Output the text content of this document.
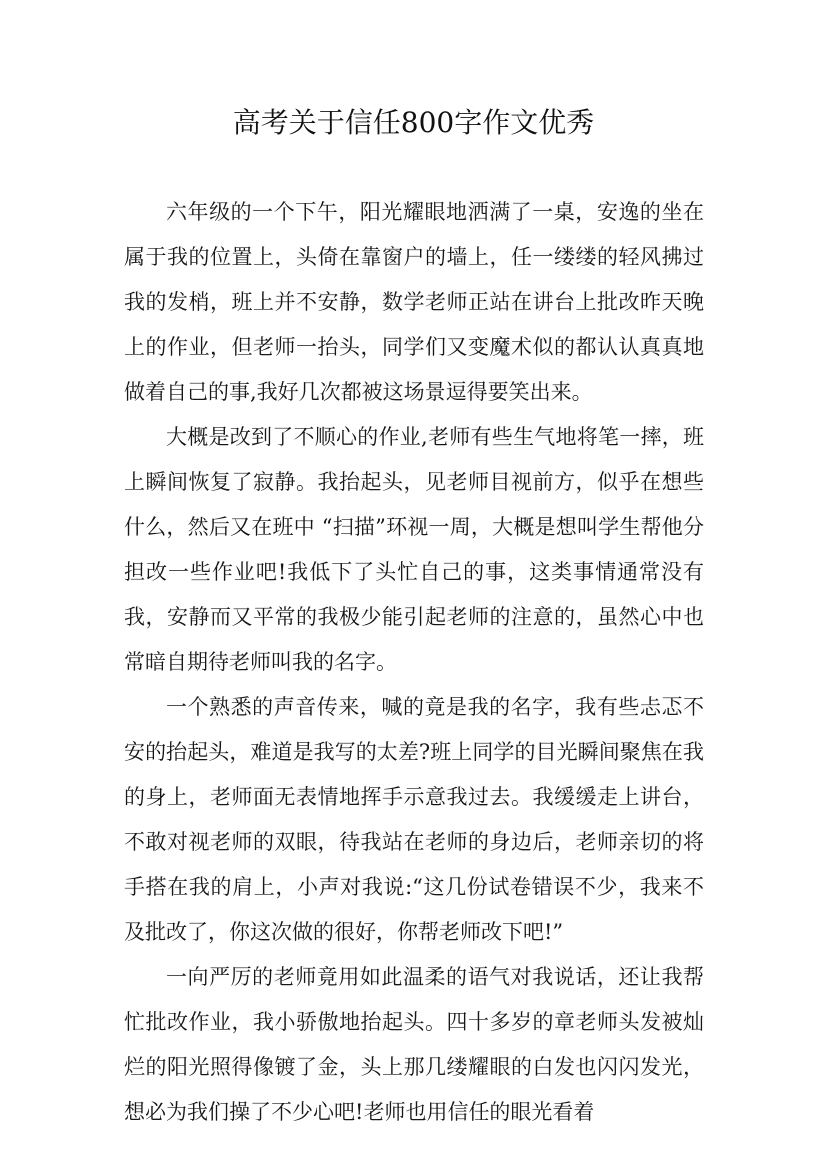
高考关于信任800字作文优秀

六年级的一个下午，阳光耀眼地洒满了一桌，安逸的坐在属于我的位置上，头倚在靠窗户的墙上，任一缕缕的轻风拂过我的发梢，班上并不安静，数学老师正站在讲台上批改昨天晚上的作业，但老师一抬头，同学们又变魔术似的都认认真真地做着自己的事,我好几次都被这场景逗得要笑出来。

大概是改到了不顺心的作业,老师有些生气地将笔一摔，班上瞬间恢复了寂静。我抬起头，见老师目视前方，似乎在想些什么，然后又在班中 “扫描”环视一周，大概是想叫学生帮他分担改一些作业吧!我低下了头忙自己的事，这类事情通常没有我，安静而又平常的我极少能引起老师的注意的，虽然心中也常暗自期待老师叫我的名字。

一个熟悉的声音传来，喊的竟是我的名字，我有些忐忑不安的抬起头，难道是我写的太差?班上同学的目光瞬间聚焦在我的身上，老师面无表情地挥手示意我过去。我缓缓走上讲台，不敢对视老师的双眼，待我站在老师的身边后，老师亲切的将手搭在我的肩上，小声对我说:“这几份试卷错误不少，我来不及批改了，你这次做的很好，你帮老师改下吧!”

一向严厉的老师竟用如此温柔的语气对我说话，还让我帮忙批改作业，我小骄傲地抬起头。四十多岁的章老师头发被灿烂的阳光照得像镀了金，头上那几缕耀眼的白发也闪闪发光，想必为我们操了不少心吧!老师也用信任的眼光看着
